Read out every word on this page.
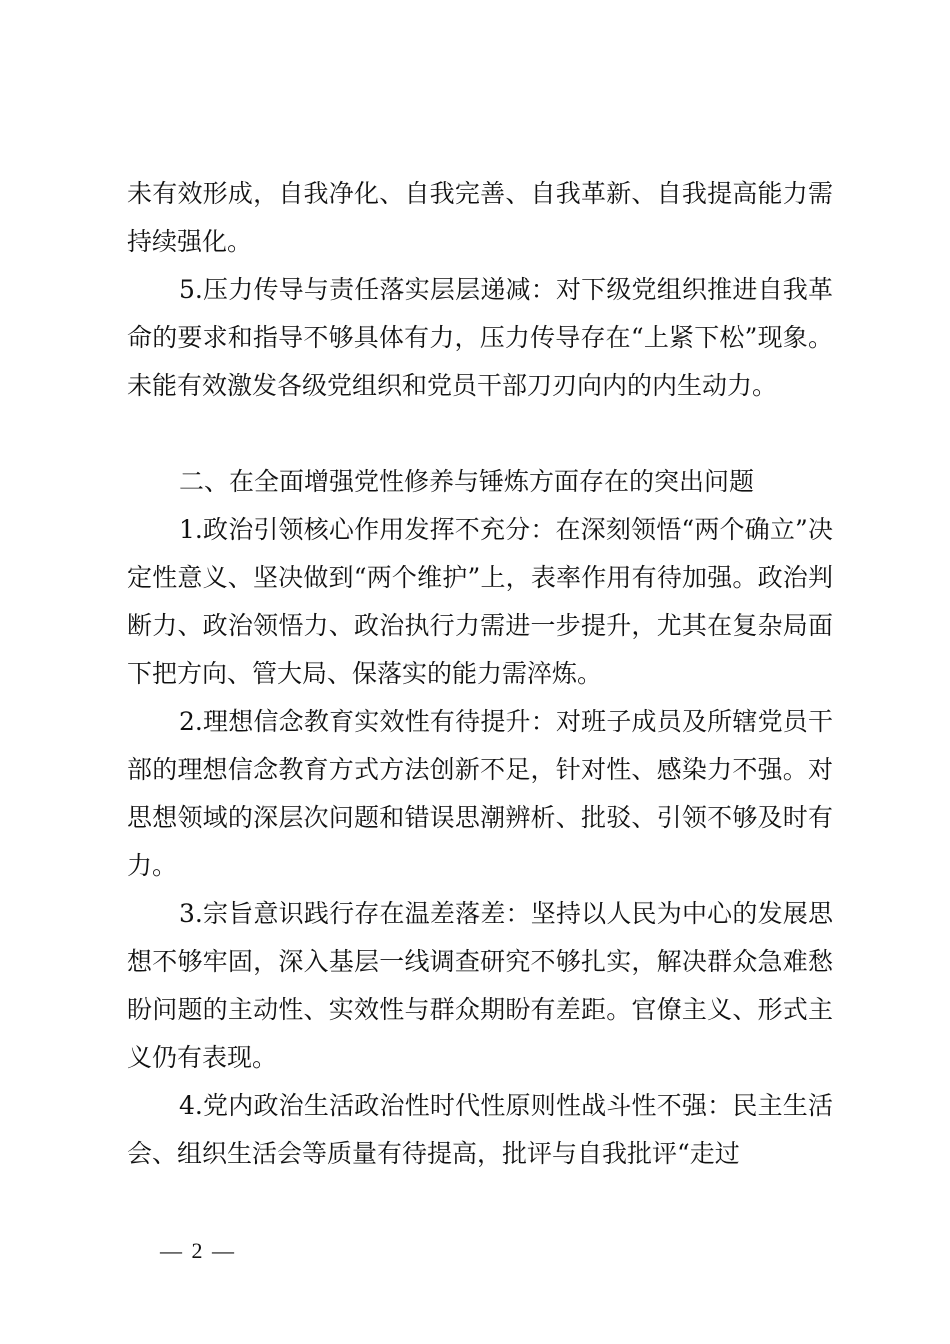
未有效形成，自我净化、自我完善、自我革新、自我提高能力需持续强化。

5.压力传导与责任落实层层递减：对下级党组织推进自我革命的要求和指导不够具体有力，压力传导存在“上紧下松”现象。未能有效激发各级党组织和党员干部刀刃向内的内生动力。

二、在全面增强党性修养与锤炼方面存在的突出问题

1.政治引领核心作用发挥不充分：在深刻领悟“两个确立”决定性意义、坚决做到“两个维护”上，表率作用有待加强。政治判断力、政治领悟力、政治执行力需进一步提升，尤其在复杂局面下把方向、管大局、保落实的能力需淬炼。

2.理想信念教育实效性有待提升：对班子成员及所辖党员干部的理想信念教育方式方法创新不足，针对性、感染力不强。对思想领域的深层次问题和错误思潮辨析、批驳、引领不够及时有力。

3.宗旨意识践行存在温差落差：坚持以人民为中心的发展思想不够牢固，深入基层一线调查研究不够扎实，解决群众急难愁盼问题的主动性、实效性与群众期盼有差距。官僚主义、形式主义仍有表现。

4.党内政治生活政治性时代性原则性战斗性不强：民主生活会、组织生活会等质量有待提高，批评与自我批评“走过

— 2 —
